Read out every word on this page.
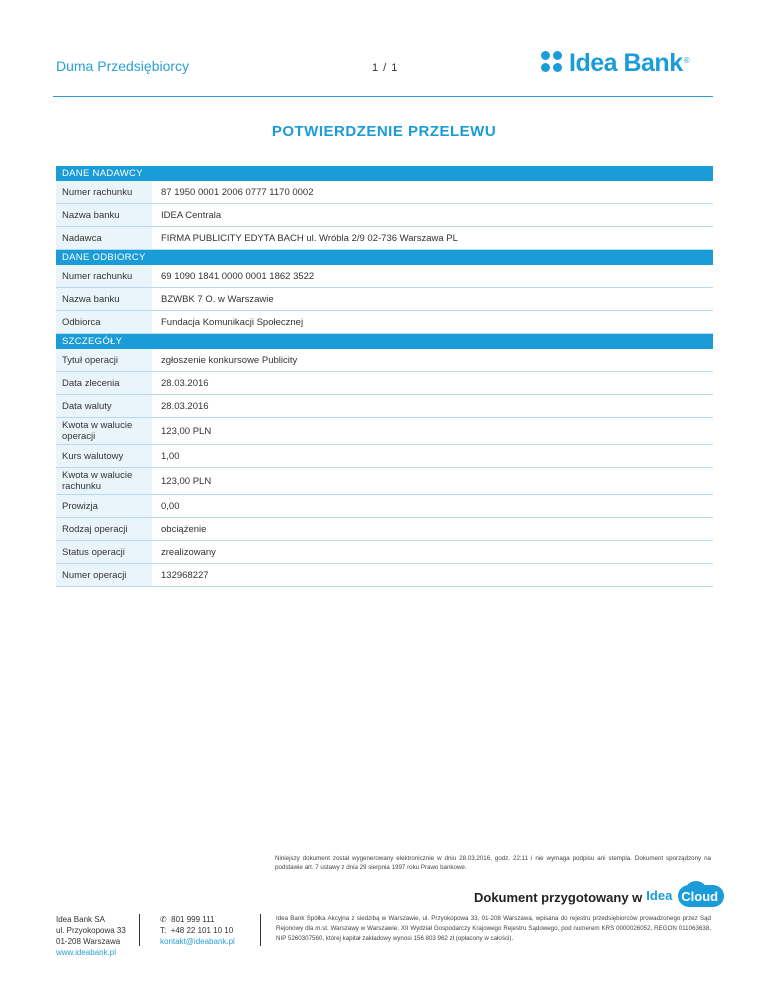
Duma Przedsiębiorcy	1 / 1	Idea Bank ®
POTWIERDZENIE PRZELEWU
DANE NADAWCY	
Numer rachunku	87 1950 0001 2006 0777 1170 0002
Nazwa banku	IDEA Centrala
Nadawca	FIRMA PUBLICITY EDYTA BACH ul. Wróbla 2/9 02-736 Warszawa PL
DANE ODBIORCY	
Numer rachunku	69 1090 1841 0000 0001 1862 3522
Nazwa banku	BZWBK 7 O. w Warszawie
Odbiorca	Fundacja Komunikacji Społecznej
SZCZEGÓŁY	
Tytuł operacji	zgłoszenie konkursowe Publicity
Data zlecenia	28.03.2016
Data waluty	28.03.2016
Kwota w walucie operacji	123,00 PLN
Kurs walutowy	1,00
Kwota w walucie rachunku	123,00 PLN
Prowizja	0,00
Rodzaj operacji	obciążenie
Status operacji	zrealizowany
Numer operacji	132968227
Niniejszy dokument został wygenerowany elektronicznie w dniu 28.03.2016, godz. 22:11 i nie wymaga podpisu ani stempla. Dokument sporządzony na podstawie art. 7 ustawy z dnia 29 sierpnia 1997 roku Prawo bankowe.
Dokument przygotowany w Idea Cloud
Idea Bank SA
ul. Przyokopowa 33
01-208 Warszawa
www.ideabank.pl
✆ 801 999 111
T: +48 22 101 10 10
kontakt@ideabank.pl
Idea Bank Spółka Akcyjna z siedzibą w Warszawie, ul. Przyokopowa 33, 01-208 Warszawa, wpisana do rejestru przedsiębiorców prowadzonego przez Sąd Rejonowy dla m.st. Warszawy w Warszawie, XII Wydział Gospodarczy Krajowego Rejestru Sądowego, pod numerem KRS 0000026052, REGON 011063638, NIP 5260307560, której kapitał zakładowy wynosi 156 803 962 zł (opłacony w całości).
